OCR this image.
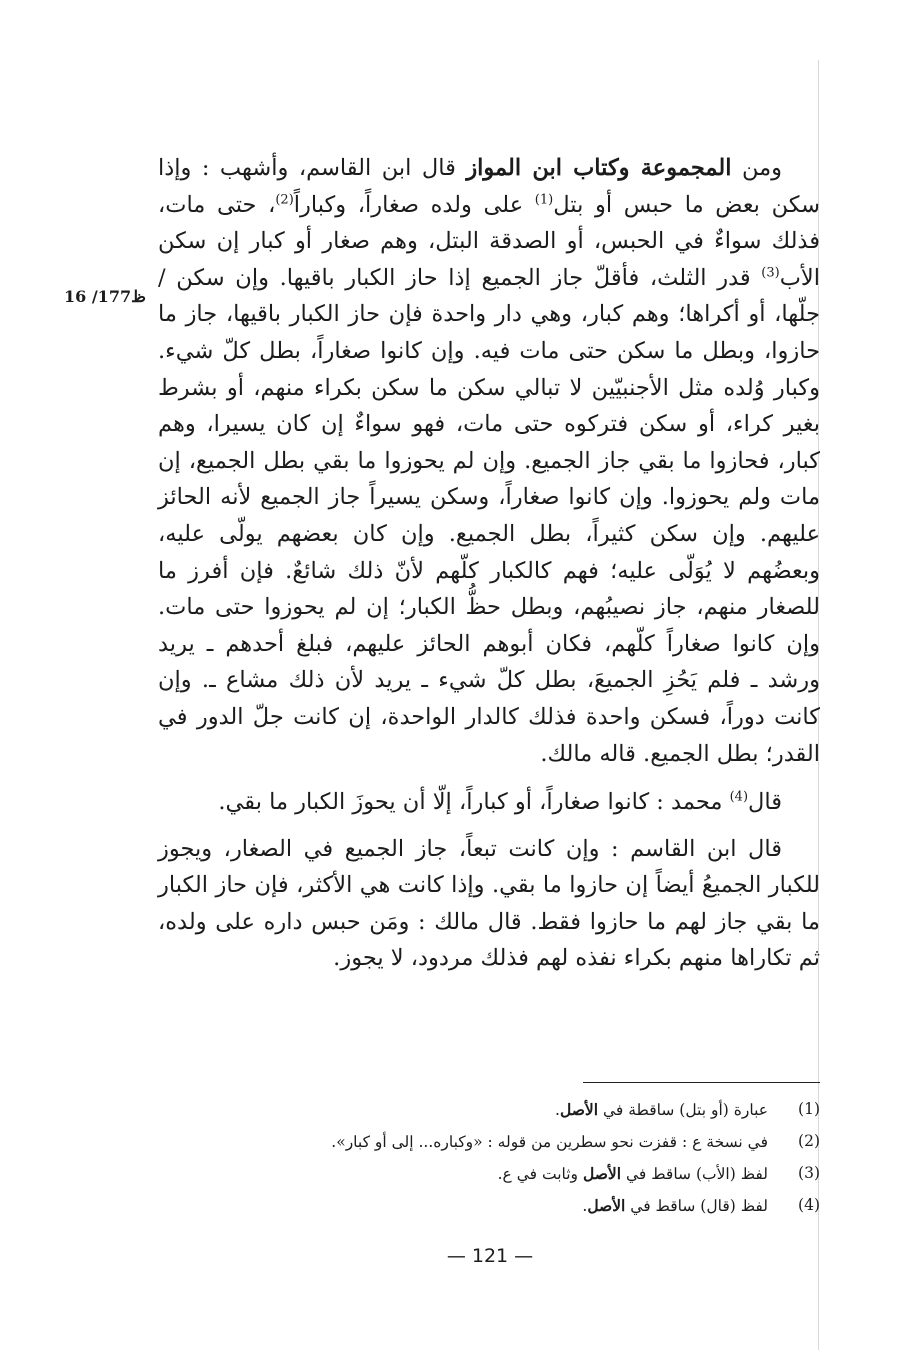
16 /177ظ

ومن المجموعة وكتاب ابن المواز قال ابن القاسم، وأشهب : وإذا سكن بعض ما حبس أو بتل$^{(1)}$ على ولده صغاراً، وكباراً$^{(2)}$، حتى مات، فذلك سواءٌ في الحبس، أو الصدقة البتل، وهم صغار أو كبار إن سكن الأب$^{(3)}$ قدر الثلث، فأقلّ جاز الجميع إذا حاز الكبار باقيها. وإن سكن / جلّها، أو أكراها؛ وهم كبار، وهي دار واحدة فإن حاز الكبار باقيها، جاز ما حازوا، وبطل ما سكن حتى مات فيه. وإن كانوا صغاراً، بطل كلّ شيء. وكبار وُلده مثل الأجنبيّين لا تبالي سكن ما سكن بكراء منهم، أو بشرط بغير كراء، أو سكن فتركوه حتى مات، فهو سواءٌ إن كان يسيرا، وهم كبار، فحازوا ما بقي جاز الجميع. وإن لم يحوزوا ما بقي بطل الجميع، إن مات ولم يحوزوا. وإن كانوا صغاراً، وسكن يسيراً جاز الجميع لأنه الحائز عليهم. وإن سكن كثيراً، بطل الجميع. وإن كان بعضهم يولّى عليه، وبعضُهم لا يُوَلّى عليه؛ فهم كالكبار كلّهم لأنّ ذلك شائعٌ. فإن أفرز ما للصغار منهم، جاز نصيبُهم، وبطل حظُّ الكبار؛ إن لم يحوزوا حتى مات. وإن كانوا صغاراً كلّهم، فكان أبوهم الحائز عليهم، فبلغ أحدهم ـ يريد ورشد ـ فلم يَحُزِ الجميعَ، بطل كلّ شيء ـ يريد لأن ذلك مشاع ـ. وإن كانت دوراً، فسكن واحدة فذلك كالدار الواحدة، إن كانت جلّ الدور في القدر؛ بطل الجميع. قاله مالك.

قال$^{(4)}$ محمد : كانوا صغاراً، أو كباراً، إلّا أن يحوزَ الكبار ما بقي.

قال ابن القاسم : وإن كانت تبعاً، جاز الجميع في الصغار، ويجوز للكبار الجميعُ أيضاً إن حازوا ما بقي. وإذا كانت هي الأكثر، فإن حاز الكبار ما بقي جاز لهم ما حازوا فقط. قال مالك : ومَن حبس داره على ولده، ثم تكاراها منهم بكراء نفذه لهم فذلك مردود، لا يجوز.

(1)
عبارة (أو بتل) ساقطة في الأصل.
(2)
في نسخة ع : قفزت نحو سطرين من قوله : «وكباره... إلى أو كبار».
(3)
لفظ (الأب) ساقط في الأصل وثابت في ع.
(4)
لفظ (قال) ساقط في الأصل.
— 121 —
